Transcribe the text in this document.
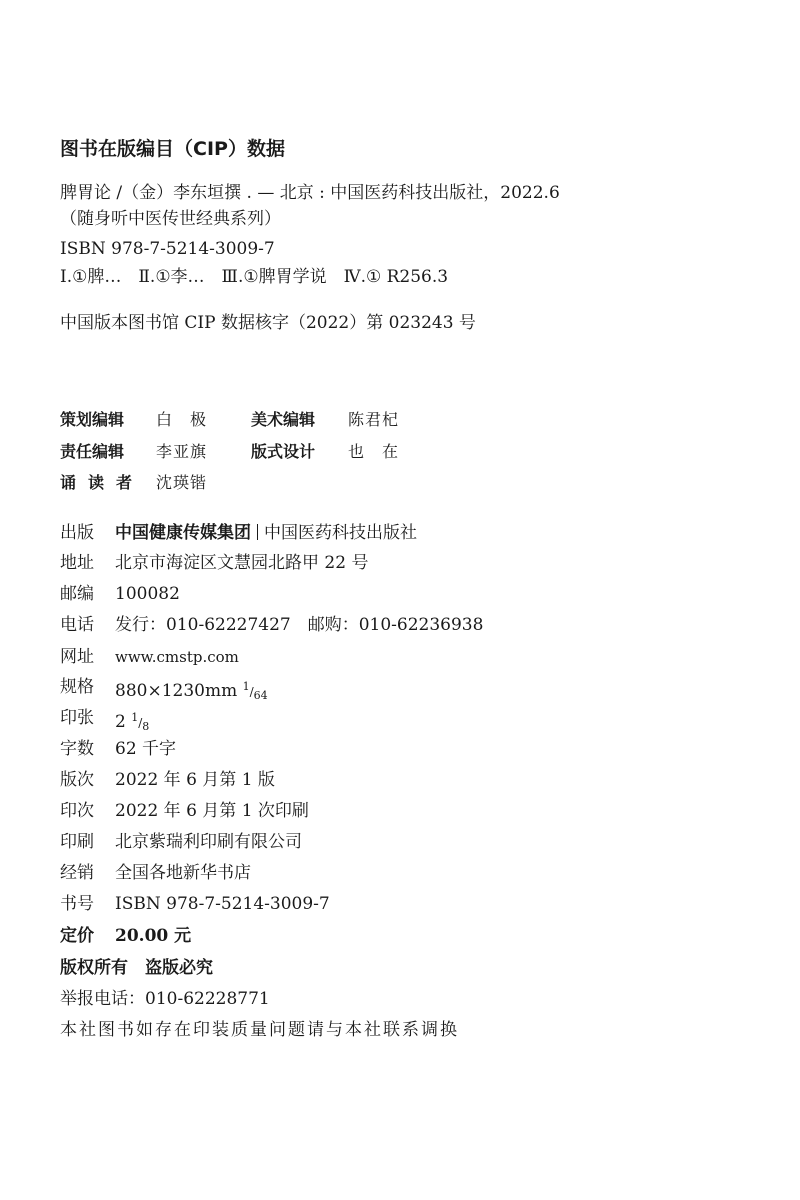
图书在版编目（CIP）数据
脾胃论 /（金）李东垣撰 . — 北京 : 中国医药科技出版社，2022.6
（随身听中医传世经典系列）
ISBN 978-7-5214-3009-7
Ⅰ.①脾…　Ⅱ.①李…　Ⅲ.①脾胃学说　Ⅳ.① R256.3
中国版本图书馆 CIP 数据核字（2022）第 023243 号
策划编辑 白　极	美术编辑 陈君杞
责任编辑 李亚旗	版式设计 也　在
诵读者 沈瑛锴
出版 中国健康传媒集团 中国医药科技出版社
地址 北京市海淀区文慧园北路甲 22 号
邮编 100082
电话 发行：010-62227427　邮购：010-62236938
网址 www.cmstp.com
规格 880×1230mm $^1/_{64}$
印张 2 $^1/_8$
字数 62 千字
版次 2022 年 6 月第 1 版
印次 2022 年 6 月第 1 次印刷
印刷 北京紫瑞利印刷有限公司
经销 全国各地新华书店
书号 ISBN 978-7-5214-3009-7
定价 20.00 元
版权所有　盗版必究
举报电话：010-62228771
本社图书如存在印装质量问题请与本社联系调换
